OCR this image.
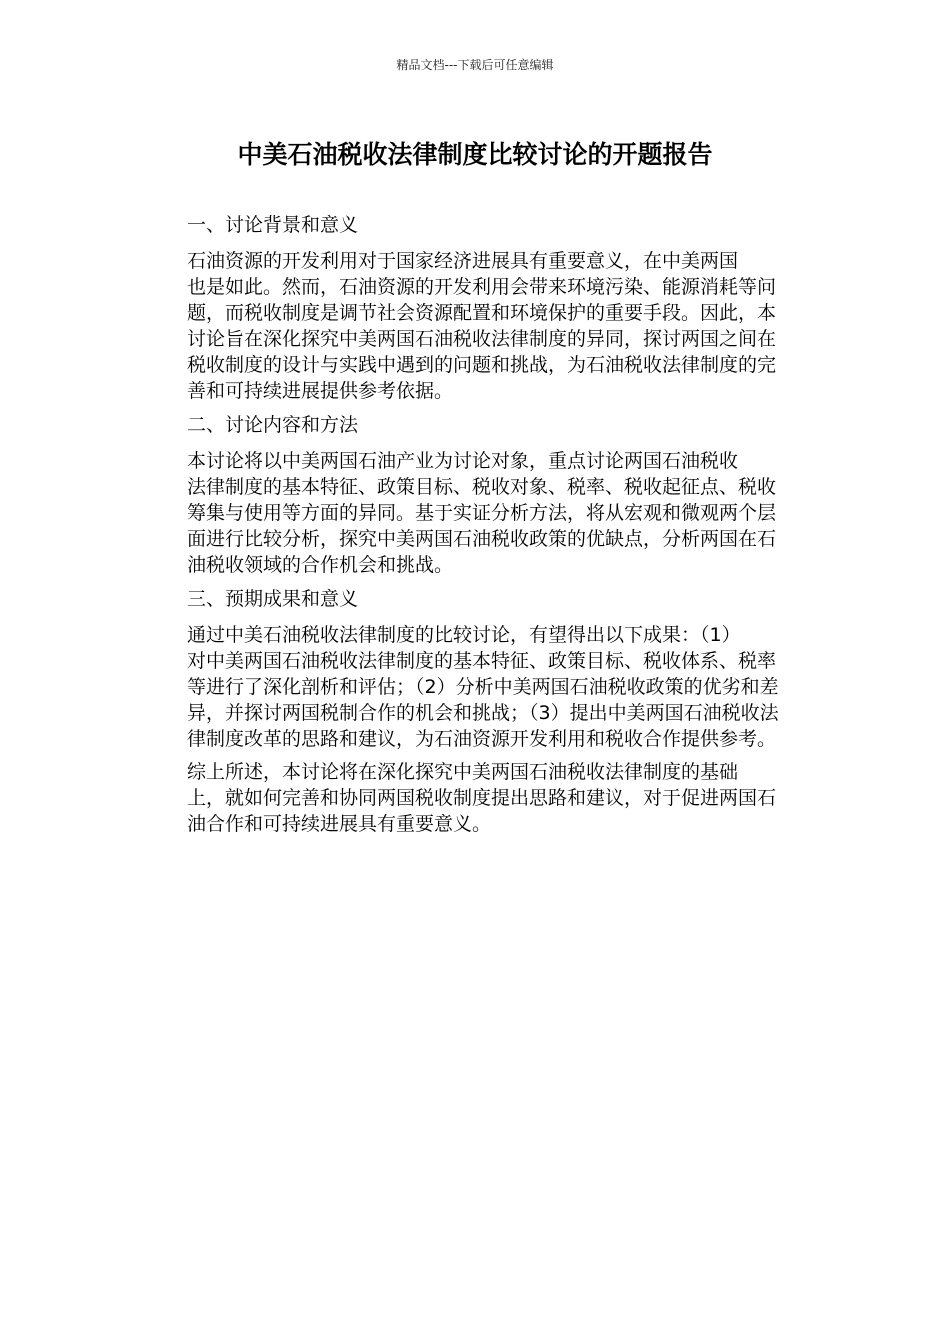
精品文档---下载后可任意编辑
中美石油税收法律制度比较讨论的开题报告
一、讨论背景和意义
石油资源的开发利用对于国家经济进展具有重要意义，在中美两国
也是如此。然而，石油资源的开发利用会带来环境污染、能源消耗等问
题，而税收制度是调节社会资源配置和环境保护的重要手段。因此，本
讨论旨在深化探究中美两国石油税收法律制度的异同，探讨两国之间在
税收制度的设计与实践中遇到的问题和挑战，为石油税收法律制度的完
善和可持续进展提供参考依据。
二、讨论内容和方法
本讨论将以中美两国石油产业为讨论对象，重点讨论两国石油税收
法律制度的基本特征、政策目标、税收对象、税率、税收起征点、税收
筹集与使用等方面的异同。基于实证分析方法，将从宏观和微观两个层
面进行比较分析，探究中美两国石油税收政策的优缺点，分析两国在石
油税收领域的合作机会和挑战。
三、预期成果和意义
通过中美石油税收法律制度的比较讨论，有望得出以下成果：（1）
对中美两国石油税收法律制度的基本特征、政策目标、税收体系、税率
等进行了深化剖析和评估；（2）分析中美两国石油税收政策的优劣和差
异，并探讨两国税制合作的机会和挑战；（3）提出中美两国石油税收法
律制度改革的思路和建议，为石油资源开发利用和税收合作提供参考。
综上所述，本讨论将在深化探究中美两国石油税收法律制度的基础
上，就如何完善和协同两国税收制度提出思路和建议，对于促进两国石
油合作和可持续进展具有重要意义。
